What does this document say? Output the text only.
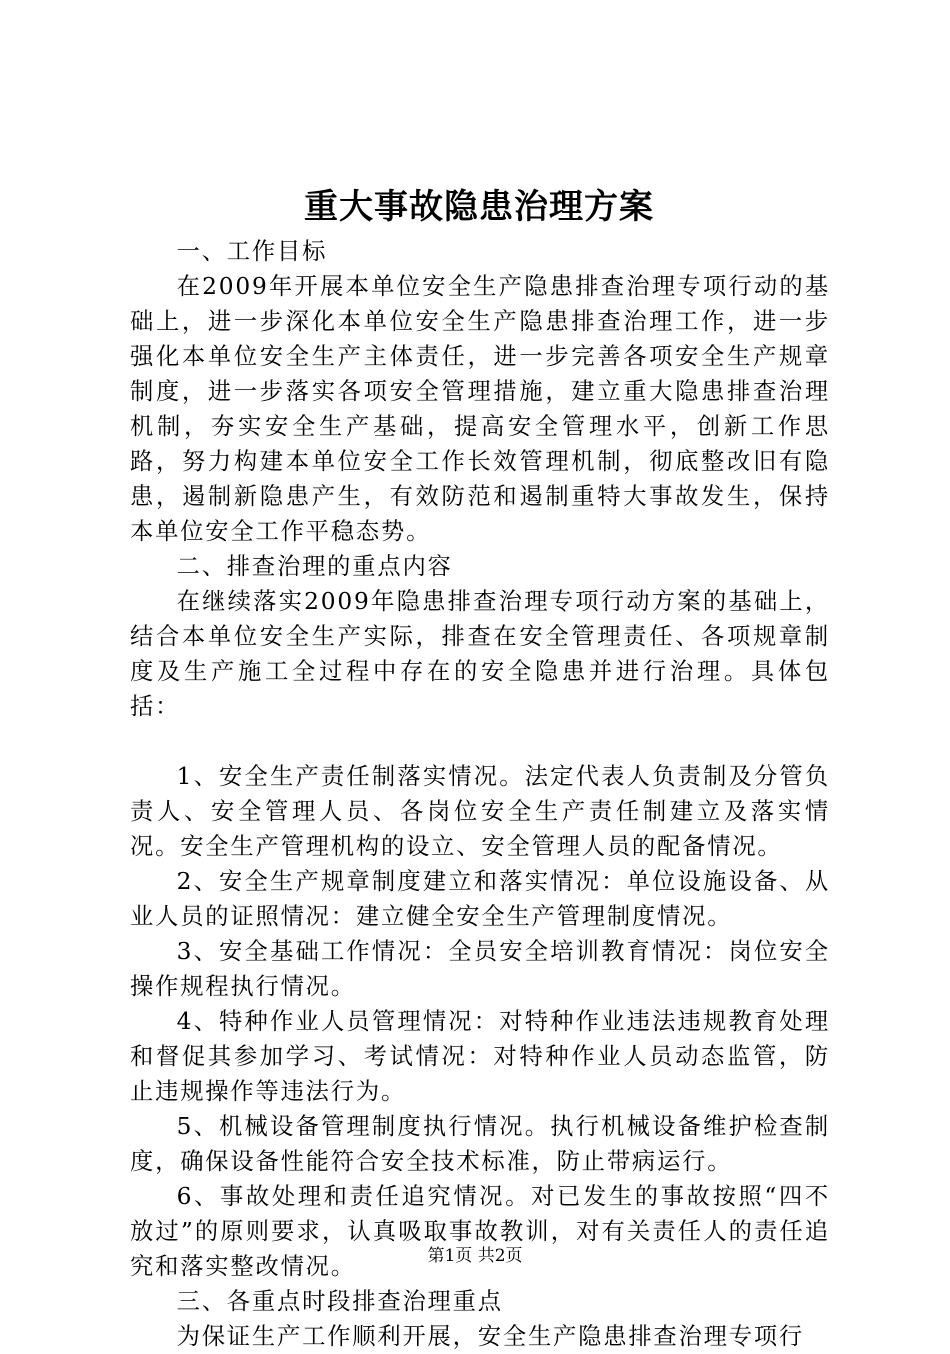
重大事故隐患治理方案

一、工作目标

在2009年开展本单位安全生产隐患排查治理专项行动的基础上，进一步深化本单位安全生产隐患排查治理工作，进一步强化本单位安全生产主体责任，进一步完善各项安全生产规章制度，进一步落实各项安全管理措施，建立重大隐患排查治理机制，夯实安全生产基础，提高安全管理水平，创新工作思路，努力构建本单位安全工作长效管理机制，彻底整改旧有隐患，遏制新隐患产生，有效防范和遏制重特大事故发生，保持本单位安全工作平稳态势。

二、排查治理的重点内容

在继续落实2009年隐患排查治理专项行动方案的基础上，结合本单位安全生产实际，排查在安全管理责任、各项规章制度及生产施工全过程中存在的安全隐患并进行治理。具体包括：

1、安全生产责任制落实情况。法定代表人负责制及分管负责人、安全管理人员、各岗位安全生产责任制建立及落实情况。安全生产管理机构的设立、安全管理人员的配备情况。

2、安全生产规章制度建立和落实情况：单位设施设备、从业人员的证照情况：建立健全安全生产管理制度情况。

3、安全基础工作情况：全员安全培训教育情况：岗位安全操作规程执行情况。

4、特种作业人员管理情况：对特种作业违法违规教育处理和督促其参加学习、考试情况：对特种作业人员动态监管，防止违规操作等违法行为。

5、机械设备管理制度执行情况。执行机械设备维护检查制度，确保设备性能符合安全技术标准，防止带病运行。

6、事故处理和责任追究情况。对已发生的事故按照“四不放过”的原则要求，认真吸取事故教训，对有关责任人的责任追究和落实整改情况。

三、各重点时段排查治理重点

为保证生产工作顺利开展，安全生产隐患排查治理专项行

第1页 共2页
